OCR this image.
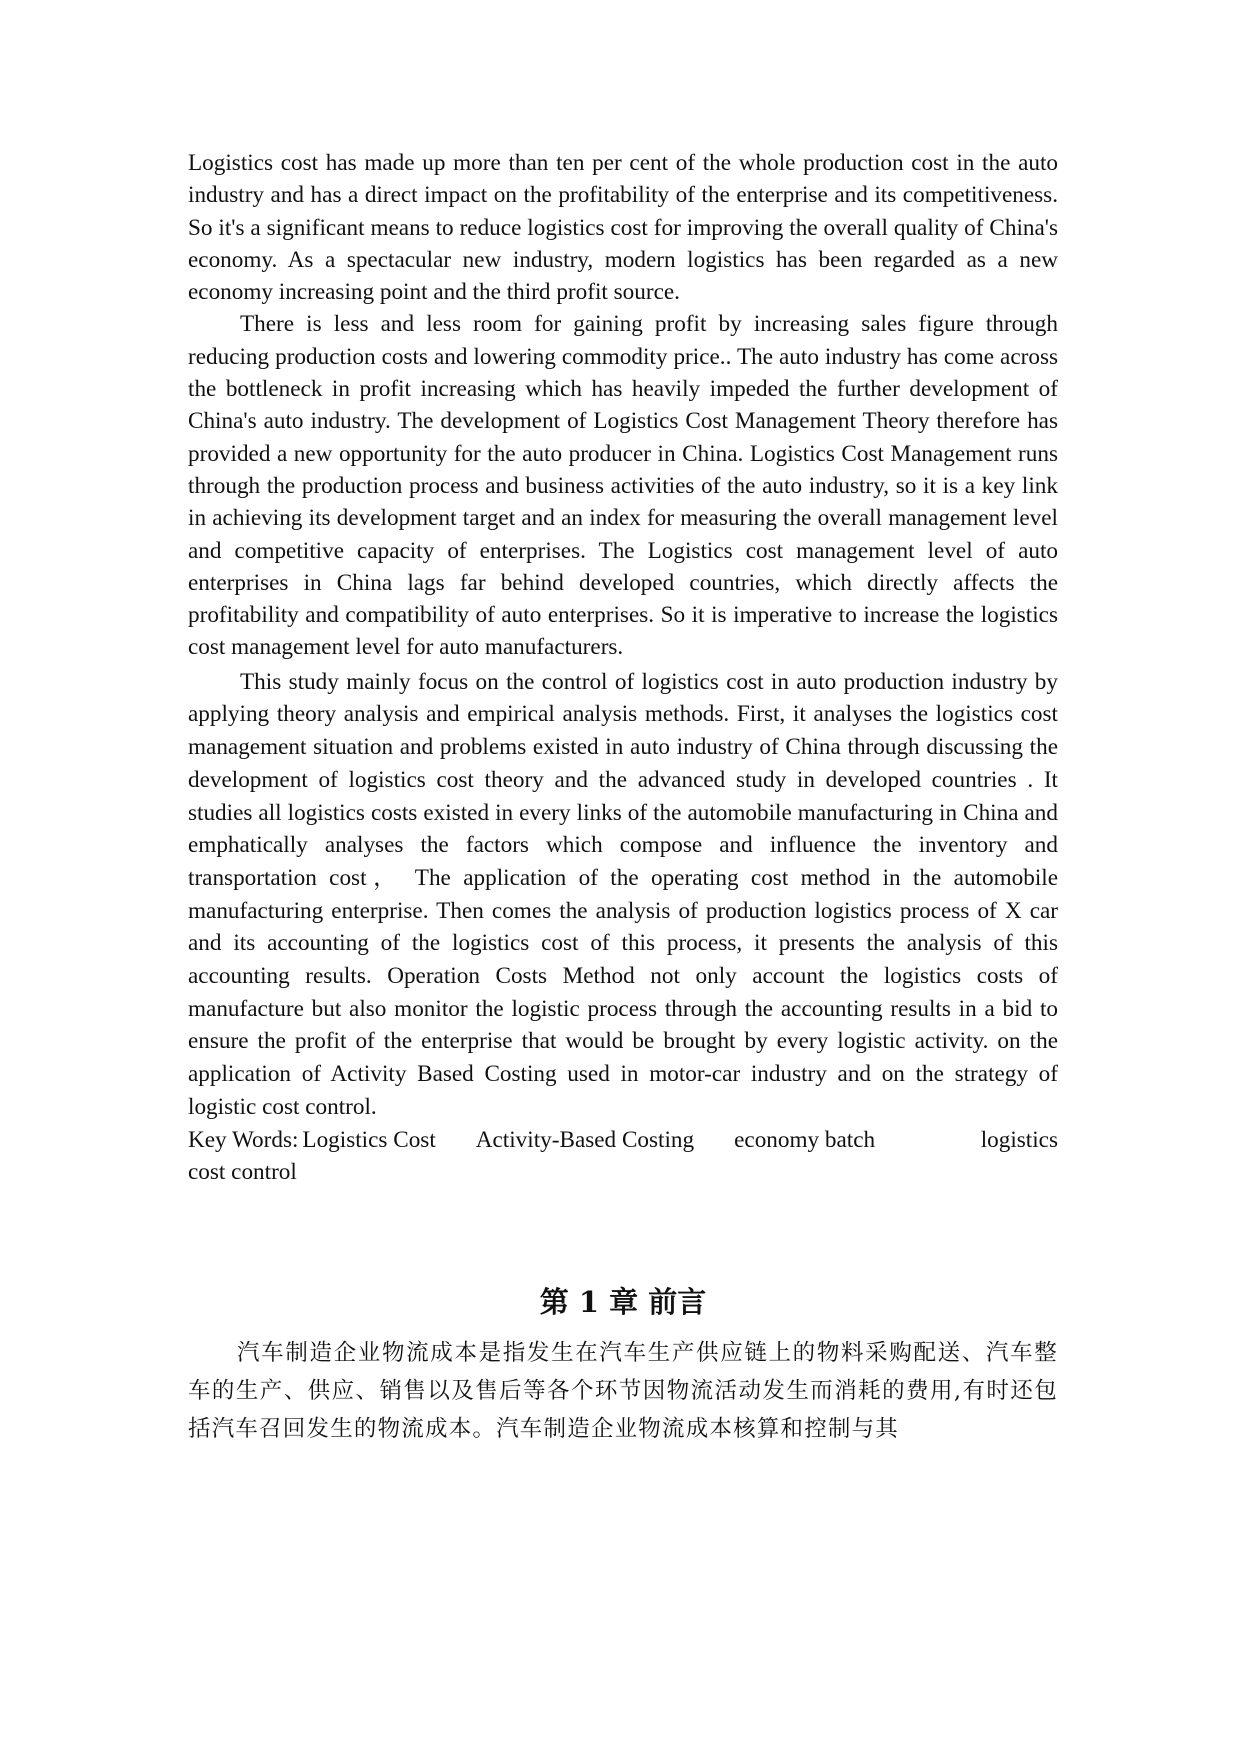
Logistics cost has made up more than ten per cent of the whole production cost in the auto industry and has a direct impact on the profitability of the enterprise and its competitiveness. So it's a significant means to reduce logistics cost for improving the overall quality of China's economy. As a spectacular new industry, modern logistics has been regarded as a new economy increasing point and the third profit source.

There is less and less room for gaining profit by increasing sales figure through reducing production costs and lowering commodity price.. The auto industry has come across the bottleneck in profit increasing which has heavily impeded the further development of China's auto industry. The development of Logistics Cost Management Theory therefore has provided a new opportunity for the auto producer in China. Logistics Cost Management runs through the production process and business activities of the auto industry, so it is a key link in achieving its development target and an index for measuring the overall management level and competitive capacity of enterprises. The Logistics cost management level of auto enterprises in China lags far behind developed countries, which directly affects the profitability and compatibility of auto enterprises. So it is imperative to increase the logistics cost management level for auto manufacturers.

This study mainly focus on the control of logistics cost in auto production industry by applying theory analysis and empirical analysis methods. First, it analyses the logistics cost management situation and problems existed in auto industry of China through discussing the development of logistics cost theory and the advanced study in developed countries . It studies all logistics costs existed in every links of the automobile manufacturing in China and emphatically analyses the factors which compose and influence the inventory and transportation cost， The application of the operating cost method in the automobile manufacturing enterprise. Then comes the analysis of production logistics process of X car and its accounting of the logistics cost of this process, it presents the analysis of this accounting results. Operation Costs Method not only account the logistics costs of manufacture but also monitor the logistic process through the accounting results in a bid to ensure the profit of the enterprise that would be brought by every logistic activity. on the application of Activity Based Costing used in motor-car industry and on the strategy of logistic cost control.

Key Words: Logistics Cost Activity-Based Costing economy batch	logistics
cost control
第 1 章 前言

汽车制造企业物流成本是指发生在汽车生产供应链上的物料采购配送、汽车整车的生产、供应、销售以及售后等各个环节因物流活动发生而消耗的费用,有时还包括汽车召回发生的物流成本。汽车制造企业物流成本核算和控制与其
